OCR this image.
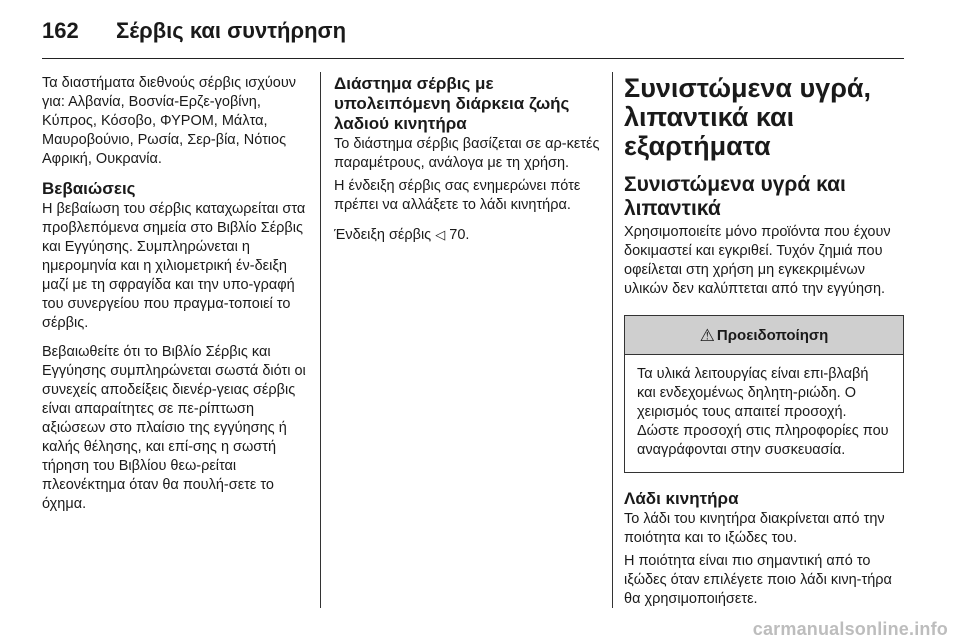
162 Σέρβις και συντήρηση

Τα διαστήματα διεθνούς σέρβις ισχύουν για: Αλβανία, Βοσνία-Ερζε-γοβίνη, Κύπρος, Κόσοβο, ΦΥΡΟΜ, Μάλτα, Μαυροβούνιο, Ρωσία, Σερ-βία, Νότιος Αφρική, Ουκρανία.

Βεβαιώσεις

Η βεβαίωση του σέρβις καταχωρείται στα προβλεπόμενα σημεία στο Βιβλίο Σέρβις και Εγγύησης. Συμπληρώνεται η ημερομηνία και η χιλιομετρική έν-δειξη μαζί με τη σφραγίδα και την υπο-γραφή του συνεργείου που πραγμα-τοποιεί το σέρβις.

Βεβαιωθείτε ότι το Βιβλίο Σέρβις και Εγγύησης συμπληρώνεται σωστά διότι οι συνεχείς αποδείξεις διενέρ-γειας σέρβις είναι απαραίτητες σε πε-ρίπτωση αξιώσεων στο πλαίσιο της εγγύησης ή καλής θέλησης, και επί-σης η σωστή τήρηση του Βιβλίου θεω-ρείται πλεονέκτημα όταν θα πουλή-σετε το όχημα.

Διάστημα σέρβις με υπολειπόμενη διάρκεια ζωής λαδιού κινητήρα

Το διάστημα σέρβις βασίζεται σε αρ-κετές παραμέτρους, ανάλογα με τη χρήση.

Η ένδειξη σέρβις σας ενημερώνει πότε πρέπει να αλλάξετε το λάδι κινητήρα.

Ένδειξη σέρβις ◁ 70.

Συνιστώμενα υγρά, λιπαντικά και εξαρτήματα
Συνιστώμενα υγρά και λιπαντικά

Χρησιμοποιείτε μόνο προϊόντα που έχουν δοκιμαστεί και εγκριθεί. Τυχόν ζημιά που οφείλεται στη χρήση μη εγκεκριμένων υλικών δεν καλύπτεται από την εγγύηση.

⚠ Προειδοποίηση
Τα υλικά λειτουργίας είναι επι-βλαβή και ενδεχομένως δηλητη-ριώδη. Ο χειρισμός τους απαιτεί προσοχή. Δώστε προσοχή στις πληροφορίες που αναγράφονται στην συσκευασία.
Λάδι κινητήρα

Το λάδι του κινητήρα διακρίνεται από την ποιότητα και το ιξώδες του.

Η ποιότητα είναι πιο σημαντική από το ιξώδες όταν επιλέγετε ποιο λάδι κινη-τήρα θα χρησιμοποιήσετε.

carmanualsonline.info
